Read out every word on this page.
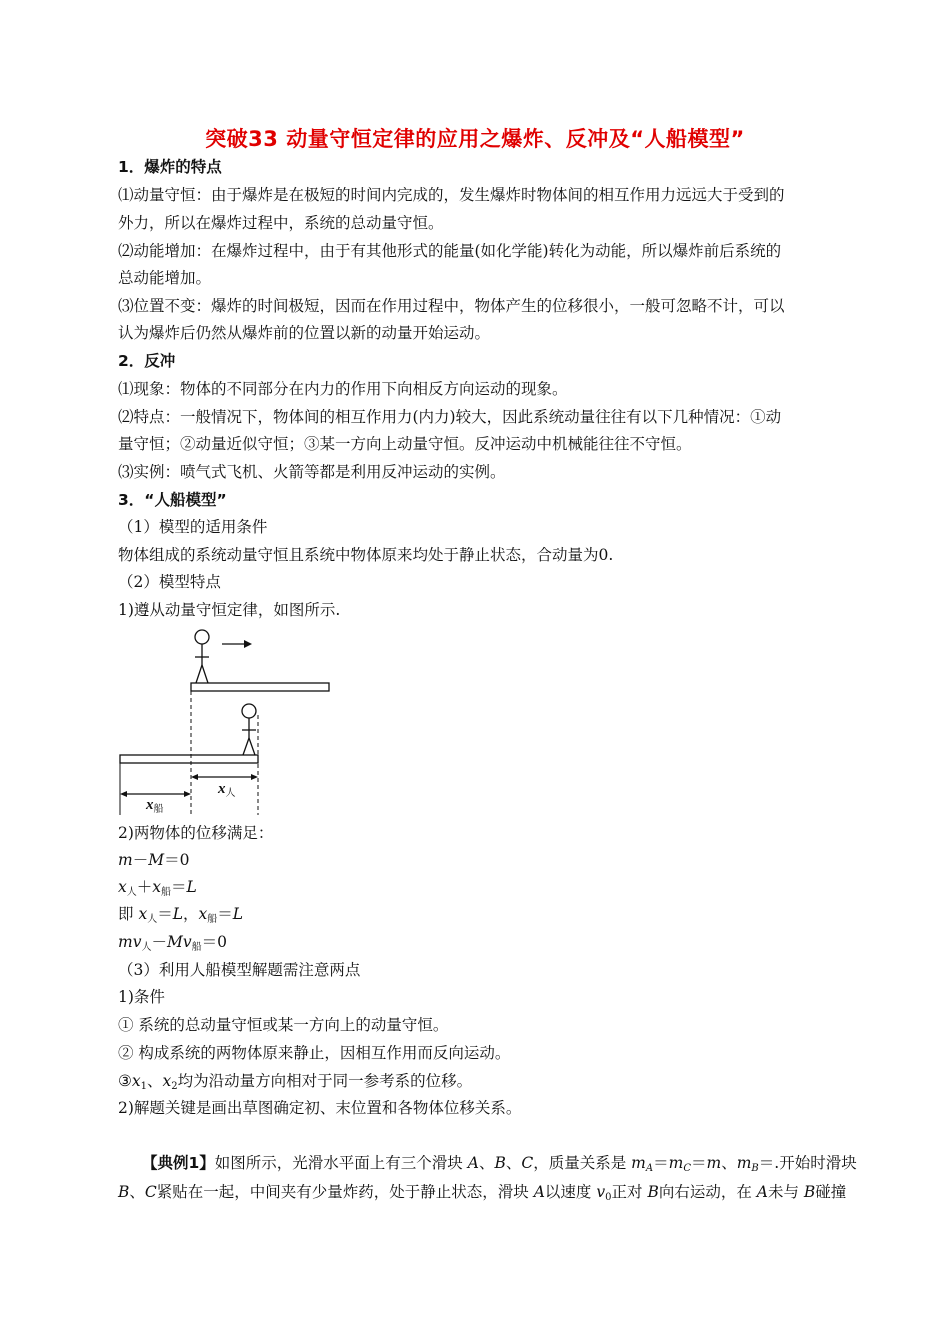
突破33 动量守恒定律的应用之爆炸、反冲及“人船模型”
1．爆炸的特点
⑴动量守恒：由于爆炸是在极短的时间内完成的，发生爆炸时物体间的相互作用力远远大于受到的
外力，所以在爆炸过程中，系统的总动量守恒。
⑵动能增加：在爆炸过程中，由于有其他形式的能量(如化学能)转化为动能，所以爆炸前后系统的
总动能增加。
⑶位置不变：爆炸的时间极短，因而在作用过程中，物体产生的位移很小，一般可忽略不计，可以
认为爆炸后仍然从爆炸前的位置以新的动量开始运动。
2．反冲
⑴现象：物体的不同部分在内力的作用下向相反方向运动的现象。
⑵特点：一般情况下，物体间的相互作用力(内力)较大，因此系统动量往往有以下几种情况：①动
量守恒；②动量近似守恒；③某一方向上动量守恒。反冲运动中机械能往往不守恒。
⑶实例：喷气式飞机、火箭等都是利用反冲运动的实例。
3．“人船模型”
（1）模型的适用条件
物体组成的系统动量守恒且系统中物体原来均处于静止状态，合动量为0.
（2）模型特点
1)遵从动量守恒定律，如图所示.
$x_人$
$x_船$
2)两物体的位移满足：
m－M＝0
$x_人+x_船=L$
即 $x_人=L$，$x_船=L$
$mv_人-Mv_船=0$
（3）利用人船模型解题需注意两点
1)条件
① 系统的总动量守恒或某一方向上的动量守恒。
② 构成系统的两物体原来静止，因相互作用而反向运动。
$③x_1$、$x_2$均为沿动量方向相对于同一参考系的位移。
2)解题关键是画出草图确定初、末位置和各物体位移关系。
【典例1】如图所示，光滑水平面上有三个滑块 A、B、C，质量关系是 $m_A=m_C=m$、$m_B=$.开始时滑块
B、C紧贴在一起，中间夹有少量炸药，处于静止状态，滑块 A以速度 $v_0$正对 B向右运动，在 A未与 B碰撞
